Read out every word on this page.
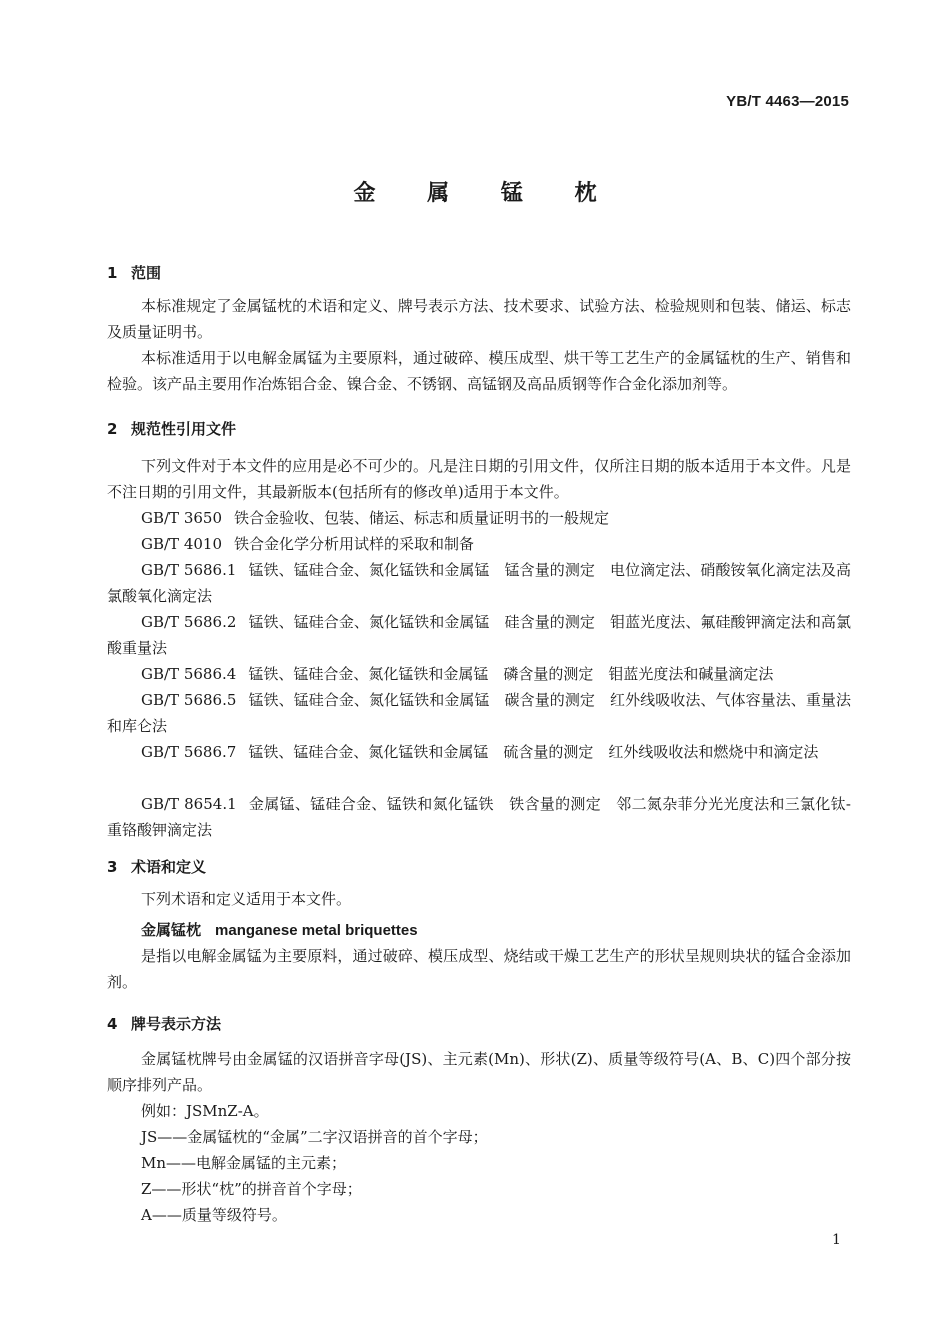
YB/T 4463—2015
金 属 锰 枕
1 范围
本标准规定了金属锰枕的术语和定义、牌号表示方法、技术要求、试验方法、检验规则和包装、储运、标志及质量证明书。
本标准适用于以电解金属锰为主要原料，通过破碎、模压成型、烘干等工艺生产的金属锰枕的生产、销售和检验。该产品主要用作冶炼铝合金、镍合金、不锈钢、高锰钢及高品质钢等作合金化添加剂等。
2 规范性引用文件
下列文件对于本文件的应用是必不可少的。凡是注日期的引用文件，仅所注日期的版本适用于本文件。凡是不注日期的引用文件，其最新版本(包括所有的修改单)适用于本文件。
GB/T 3650 铁合金验收、包装、储运、标志和质量证明书的一般规定
GB/T 4010 铁合金化学分析用试样的采取和制备
GB/T 5686.1 锰铁、锰硅合金、氮化锰铁和金属锰　锰含量的测定　电位滴定法、硝酸铵氧化滴定法及高氯酸氧化滴定法
GB/T 5686.2 锰铁、锰硅合金、氮化锰铁和金属锰　硅含量的测定　钼蓝光度法、氟硅酸钾滴定法和高氯酸重量法
GB/T 5686.4 锰铁、锰硅合金、氮化锰铁和金属锰　磷含量的测定　钼蓝光度法和碱量滴定法
GB/T 5686.5 锰铁、锰硅合金、氮化锰铁和金属锰　碳含量的测定　红外线吸收法、气体容量法、重量法和库仑法
GB/T 5686.7 锰铁、锰硅合金、氮化锰铁和金属锰　硫含量的测定　红外线吸收法和燃烧中和滴定法
GB/T 8654.1 金属锰、锰硅合金、锰铁和氮化锰铁　铁含量的测定　邻二氮杂菲分光光度法和三氯化钛-重铬酸钾滴定法
3 术语和定义
下列术语和定义适用于本文件。
金属锰枕 manganese metal briquettes
是指以电解金属锰为主要原料，通过破碎、模压成型、烧结或干燥工艺生产的形状呈规则块状的锰合金添加剂。
4 牌号表示方法
金属锰枕牌号由金属锰的汉语拼音字母(JS)、主元素(Mn)、形状(Z)、质量等级符号(A、B、C)四个部分按顺序排列产品。
例如：JSMnZ-A。
JS——金属锰枕的“金属”二字汉语拼音的首个字母；
Mn——电解金属锰的主元素；
Z——形状“枕”的拼音首个字母；
A——质量等级符号。
1
